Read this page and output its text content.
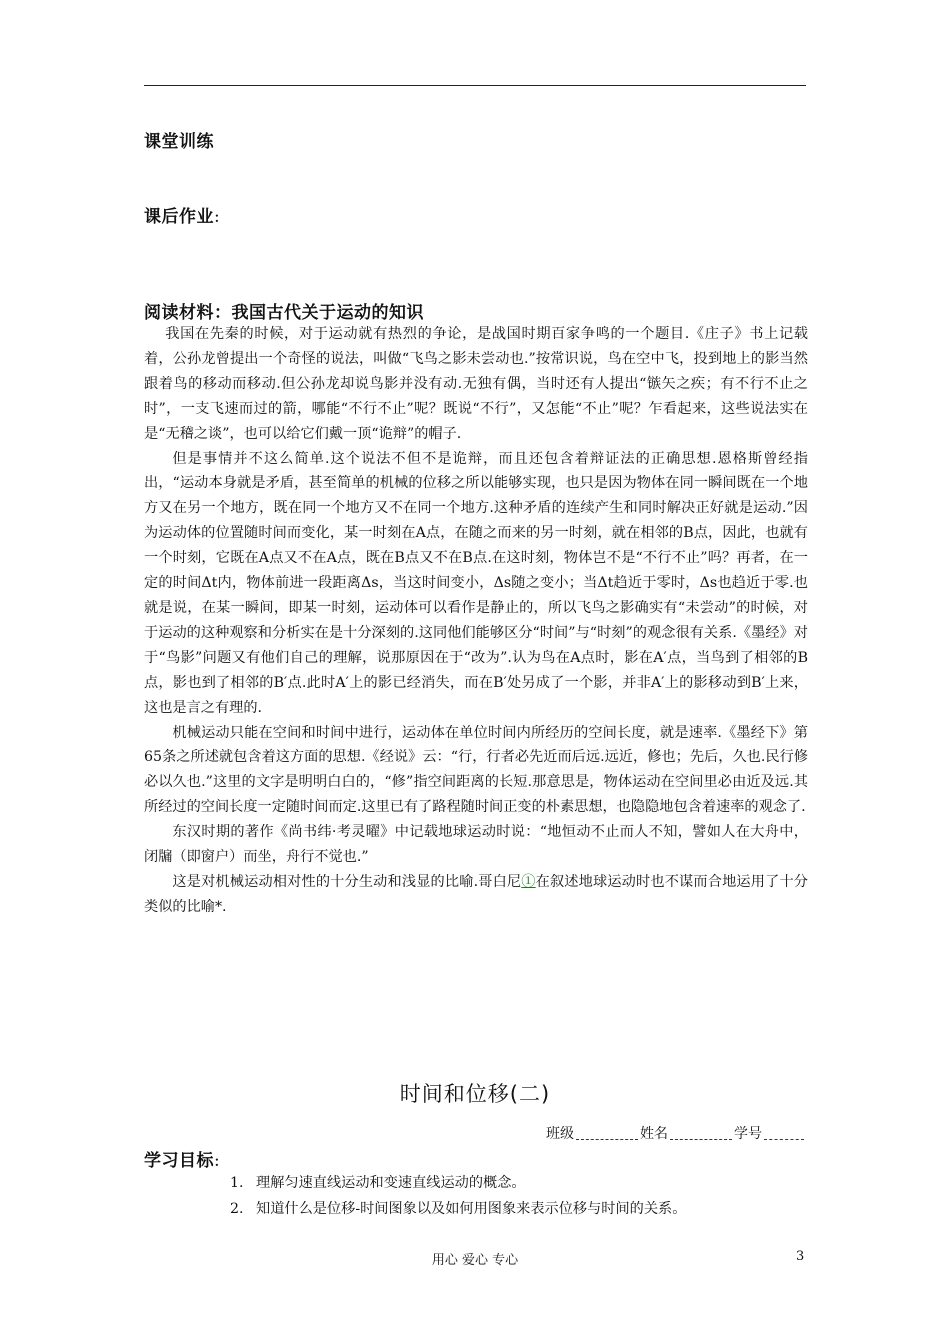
课堂训练
课后作业:
阅读材料：我国古代关于运动的知识

我国在先秦的时候，对于运动就有热烈的争论，是战国时期百家争鸣的一个题目.《庄子》书上记载着，公孙龙曾提出一个奇怪的说法，叫做“飞鸟之影未尝动也.”按常识说，鸟在空中飞，投到地上的影当然跟着鸟的移动而移动.但公孙龙却说鸟影并没有动.无独有偶，当时还有人提出“镞矢之疾；有不行不止之时”，一支飞速而过的箭，哪能“不行不止”呢？既说“不行”，又怎能“不止”呢？乍看起来，这些说法实在是“无稽之谈”，也可以给它们戴一顶“诡辩”的帽子.

但是事情并不这么简单.这个说法不但不是诡辩，而且还包含着辩证法的正确思想.恩格斯曾经指出，“运动本身就是矛盾，甚至简单的机械的位移之所以能够实现，也只是因为物体在同一瞬间既在一个地方又在另一个地方，既在同一个地方又不在同一个地方.这种矛盾的连续产生和同时解决正好就是运动.”因为运动体的位置随时间而变化，某一时刻在A点，在随之而来的另一时刻，就在相邻的B点，因此，也就有一个时刻，它既在A点又不在A点，既在B点又不在B点.在这时刻，物体岂不是“不行不止”吗？再者，在一定的时间Δt内，物体前进一段距离Δs，当这时间变小，Δs随之变小；当Δt趋近于零时，Δs也趋近于零.也就是说，在某一瞬间，即某一时刻，运动体可以看作是静止的，所以飞鸟之影确实有“未尝动”的时候，对于运动的这种观察和分析实在是十分深刻的.这同他们能够区分“时间”与“时刻”的观念很有关系.《墨经》对于“鸟影”问题又有他们自己的理解，说那原因在于“改为”.认为鸟在A点时，影在A′点，当鸟到了相邻的B点，影也到了相邻的B′点.此时A′上的影已经消失，而在B′处另成了一个影，并非A′上的影移动到B′上来，这也是言之有理的.

机械运动只能在空间和时间中进行，运动体在单位时间内所经历的空间长度，就是速率.《墨经下》第65条之所述就包含着这方面的思想.《经说》云：“行，行者必先近而后远.远近，修也；先后，久也.民行修必以久也.”这里的文字是明明白白的，“修”指空间距离的长短.那意思是，物体运动在空间里必由近及远.其所经过的空间长度一定随时间而定.这里已有了路程随时间正变的朴素思想，也隐隐地包含着速率的观念了.

东汉时期的著作《尚书纬·考灵曜》中记载地球运动时说：“地恒动不止而人不知，譬如人在大舟中，闭牖（即窗户）而坐，舟行不觉也.”

这是对机械运动相对性的十分生动和浅显的比喻.哥白尼①在叙述地球运动时也不谋而合地运用了十分类似的比喻*.

时间和位移(二)
班级	姓名	学号
学习目标:
1. 理解匀速直线运动和变速直线运动的概念。
2. 知道什么是位移-时间图象以及如何用图象来表示位移与时间的关系。
用心 爱心 专心	3
